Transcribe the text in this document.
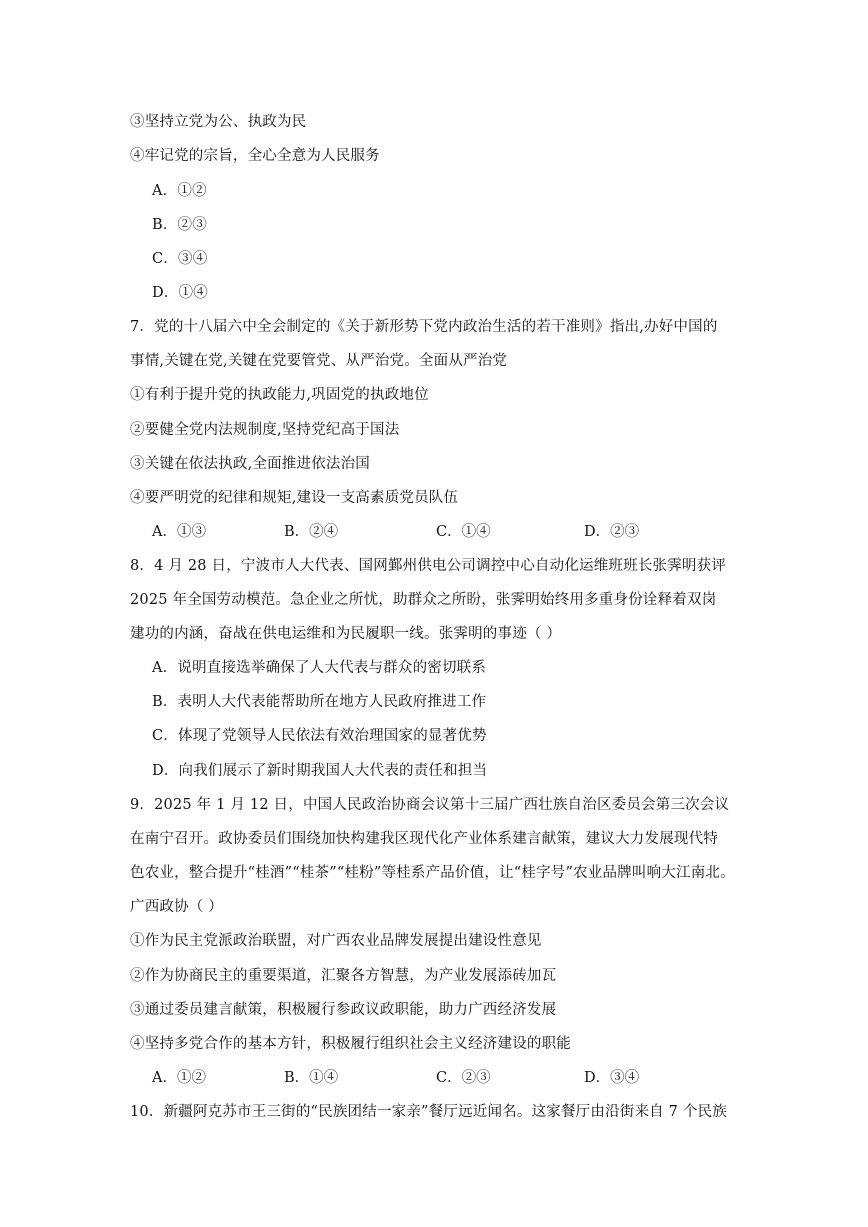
③坚持立党为公、执政为民
④牢记党的宗旨，全心全意为人民服务
A．①②
B．②③
C．③④
D．①④
7．党的十八届六中全会制定的《关于新形势下党内政治生活的若干准则》指出,办好中国的
事情,关键在党,关键在党要管党、从严治党。全面从严治党
①有利于提升党的执政能力,巩固党的执政地位
②要健全党内法规制度,坚持党纪高于国法
③关键在依法执政,全面推进依法治国
④要严明党的纪律和规矩,建设一支高素质党员队伍
A．①③	B．②④	C．①④	D．②③
8．4 月 28 日，宁波市人大代表、国网鄞州供电公司调控中心自动化运维班班长张霁明获评
2025 年全国劳动模范。急企业之所忧，助群众之所盼，张霁明始终用多重身份诠释着双岗
建功的内涵，奋战在供电运维和为民履职一线。张霁明的事迹（ ）
A．说明直接选举确保了人大代表与群众的密切联系
B．表明人大代表能帮助所在地方人民政府推进工作
C．体现了党领导人民依法有效治理国家的显著优势
D．向我们展示了新时期我国人大代表的责任和担当
9．2025 年 1 月 12 日，中国人民政治协商会议第十三届广西壮族自治区委员会第三次会议
在南宁召开。政协委员们围绕加快构建我区现代化产业体系建言献策，建议大力发展现代特
色农业，整合提升“桂酒”“桂茶”“桂粉”等桂系产品价值，让“桂字号”农业品牌叫响大江南北。
广西政协（ ）
①作为民主党派政治联盟，对广西农业品牌发展提出建设性意见
②作为协商民主的重要渠道，汇聚各方智慧，为产业发展添砖加瓦
③通过委员建言献策，积极履行参政议政职能，助力广西经济发展
④坚持多党合作的基本方针，积极履行组织社会主义经济建设的职能
A．①②	B．①④	C．②③	D．③④
10．新疆阿克苏市王三街的“民族团结一家亲”餐厅远近闻名。这家餐厅由沿街来自 7 个民族
